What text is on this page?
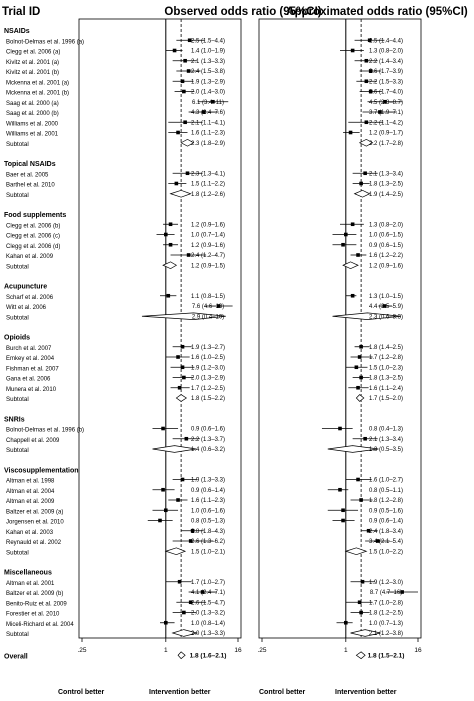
Trial ID	Observed odds ratio (95%CI)
Approximated odds ratio (95%CI)
NSAIDs
Bolnot-Delmas et al. 1996 (a)	2.5 (1.5–4.4)	2.5 (1.4–4.4)
Clegg et al. 2006 (a)	1.4 (1.0–1.9)	1.3 (0.8–2.0)
Kivitz et al. 2001 (a)	2.1 (1.3–3.3)	2.2 (1.4–3.4)
Kivitz et al. 2001 (b)	2.4 (1.5–3.8)	2.6 (1.7–3.9)
Mckenna et al. 2001 (a)	1.9 (1.3–2.9)	2.2 (1.5–3.3)
Mckenna et al. 2001 (b)	2.0 (1.4–3.0)	2.6 (1.7–4.0)
Saag et al. 2000 (a)	6.1 (3.4–11)	4.5 (2.3–8.7)
Saag et al. 2000 (b)	4.3 (2.4–7.6)	3.7 (1.9–7.1)
Williams et al. 2000	2.1 (1.1–4.1)	2.2 (1.1–4.2)
Williams et al. 2001	1.6 (1.1–2.3)	1.2 (0.9–1.7)
Subtotal	2.3 (1.8–2.9)	2.2 (1.7–2.8)
Topical NSAIDs
Baer et al. 2005	2.3 (1.3–4.1)	2.1 (1.3–3.4)
Barthel et al. 2010	1.5 (1.1–2.2)	1.8 (1.3–2.5)
Subtotal	1.8 (1.2–2.6)	1.9 (1.4–2.5)
Food supplements
Clegg et al. 2006 (b)	1.2 (0.9–1.6)	1.3 (0.8–2.0)
Clegg et al. 2006 (c)	1.0 (0.7–1.4)	1.0 (0.6–1.5)
Clegg et al. 2006 (d)	1.2 (0.9–1.6)	0.9 (0.6–1.5)
Kahan et al. 2009	2.4 (1.2–4.7)	1.6 (1.2–2.2)
Subtotal	1.2 (0.9–1.5)	1.2 (0.9–1.6)
Acupuncture
Scharf et al. 2006	1.1 (0.8–1.5)	1.3 (1.0–1.5)
Witt et al. 2006	7.6 (4.6–13)	4.4 (3.5–5.9)
Subtotal	2.9 (0.4–10)	2.3 (0.6–8.3)
Opioids
Burch et al. 2007	1.9 (1.3–2.7)	1.8 (1.4–2.5)
Emkey et al. 2004	1.6 (1.0–2.5)	1.7 (1.2–2.8)
Fishman et al. 2007	1.9 (1.2–3.0)	1.5 (1.0–2.3)
Gana et al. 2006	2.0 (1.3–2.9)	1.8 (1.3–2.5)
Munera et al. 2010	1.7 (1.2–2.5)	1.6 (1.1–2.4)
Subtotal	1.8 (1.5–2.2)	1.7 (1.5–2.0)
SNRIs
Bolnot-Delmas et al. 1996 (b)	0.9 (0.6–1.6)	0.8 (0.4–1.3)
Chappell et al. 2009	2.2 (1.3–3.7)	2.1 (1.3–3.4)
Subtotal	1.4 (0.6–3.2)	1.3 (0.5–3.5)
Viscosupplementation
Altman et al. 1998	1.9 (1.3–3.3)	1.6 (1.0–2.7)
Altman et al. 2004	0.9 (0.6–1.4)	0.8 (0.5–1.1)
Altman et al. 2009	1.6 (1.1–2.3)	1.8 (1.2–2.8)
Baltzer et al. 2009 (a)	1.0 (0.6–1.6)	0.9 (0.5–1.6)
Jorgensen et al. 2010	0.8 (0.5–1.3)	0.9 (0.6–1.4)
Kahan et al. 2003	2.8 (1.8–4.3)	2.4 (1.8–3.4)
Reynauld et al. 2002	2.6 (1.3–6.2)	3.4 (2.1–5.4)
Subtotal	1.5 (1.0–2.1)	1.5 (1.0–2.2)
Miscellaneous
Altman et al. 2001	1.7 (1.0–2.7)	1.9 (1.2–3.0)
Baltzer et al. 2009 (b)	4.1 (2.4–7.1)	8.7 (4.7–16)
Benito-Ruiz et al. 2009	2.6 (1.5–4.7)	1.7 (1.0–2.8)
Forestier et al. 2010	2.0 (1.3–3.2)	1.8 (1.2–2.5)
Miceli-Richard et al. 2004	1.0 (0.8–1.4)	1.0 (0.7–1.3)
Subtotal	2.0 (1.3–3.3)	2.1 (1.2–3.8)
Overall	1.8 (1.6–2.1)	1.8 (1.5–2.1)
.25	1	16 .25	1	16
Control better	Intervention better	Control better	Intervention better
